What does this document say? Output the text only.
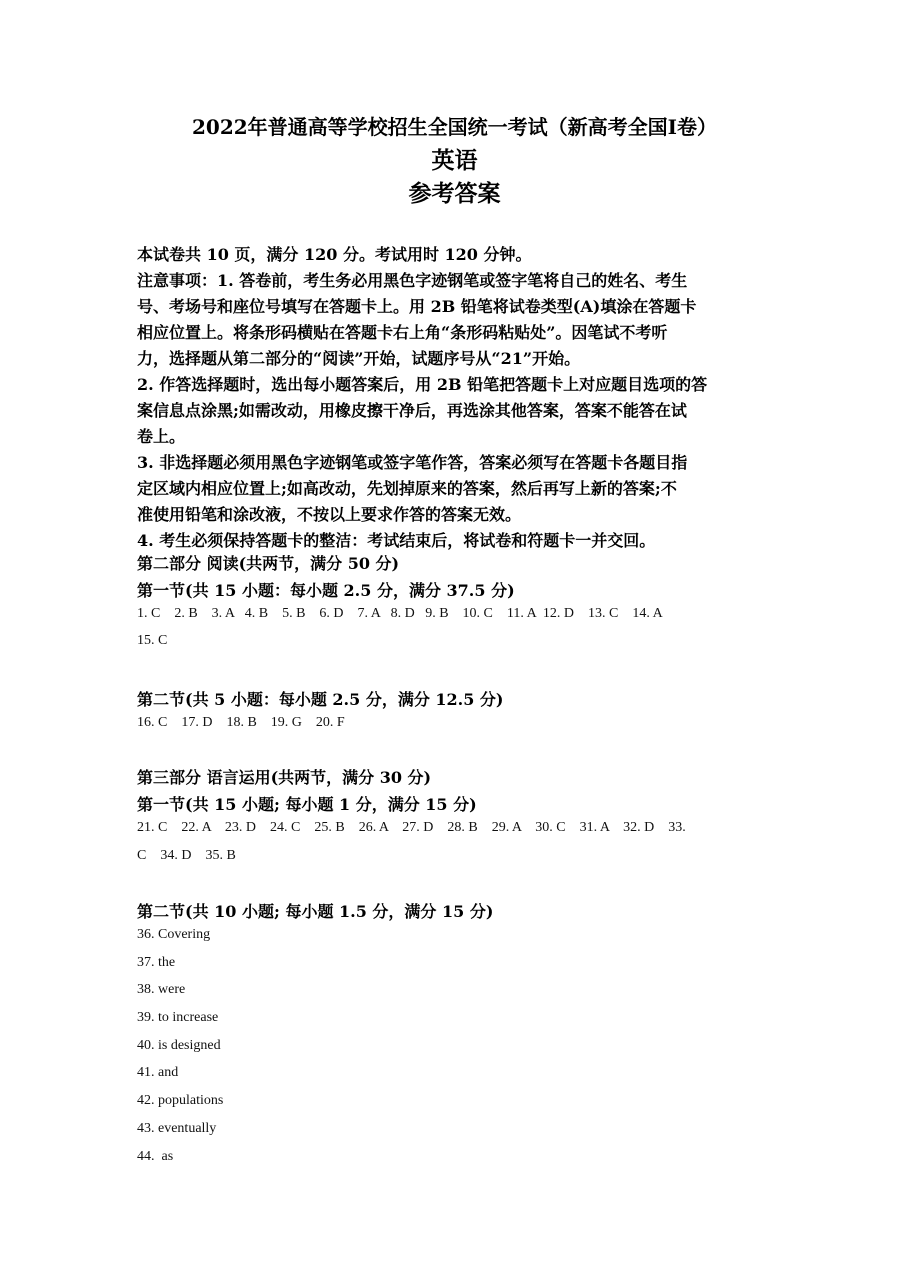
2022年普通高等学校招生全国统一考试（新高考全国Ⅰ卷）
英语
参考答案
本试卷共 10 页，满分 120 分。考试用时 120 分钟。
注意事项：1. 答卷前，考生务必用黑色字迹钢笔或签字笔将自己的姓名、考生
号、考场号和座位号填写在答题卡上。用 2B 铅笔将试卷类型(A)填涂在答题卡
相应位置上。将条形码横贴在答题卡右上角“条形码粘贴处”。因笔试不考听
力，选择题从第二部分的“阅读”开始，试题序号从“21”开始。
2. 作答选择题时，选出每小题答案后，用 2B 铅笔把答题卡上对应题目选项的答
案信息点涂黑;如需改动，用橡皮擦干净后，再选涂其他答案，答案不能答在试
卷上。
3. 非选择题必须用黑色字迹钢笔或签字笔作答，答案必须写在答题卡各题目指
定区域内相应位置上;如高改动，先划掉原来的答案，然后再写上新的答案;不
准使用铅笔和涂改液，不按以上要求作答的答案无效。
4. 考生必须保持答题卡的整洁：考试结束后，将试卷和符题卡一并交回。
第二部分 阅读(共两节，满分 50 分)
第一节(共 15 小题：每小题 2.5 分，满分 37.5 分)
1. C    2. B    3. A   4. B    5. B    6. D    7. A   8. D   9. B    10. C    11. A  12. D    13. C    14. A
15. C
第二节(共 5 小题：每小题 2.5 分，满分 12.5 分)
16. C    17. D    18. B    19. G    20. F
第三部分 语言运用(共两节，满分 30 分)
第一节(共 15 小题; 每小题 1 分，满分 15 分)
21. C    22. A    23. D    24. C    25. B    26. A    27. D    28. B    29. A    30. C    31. A    32. D    33.
C    34. D    35. B
第二节(共 10 小题; 每小题 1.5 分，满分 15 分)
36. Covering
37. the
38. were
39. to increase
40. is designed
41. and
42. populations
43. eventually
44.  as
